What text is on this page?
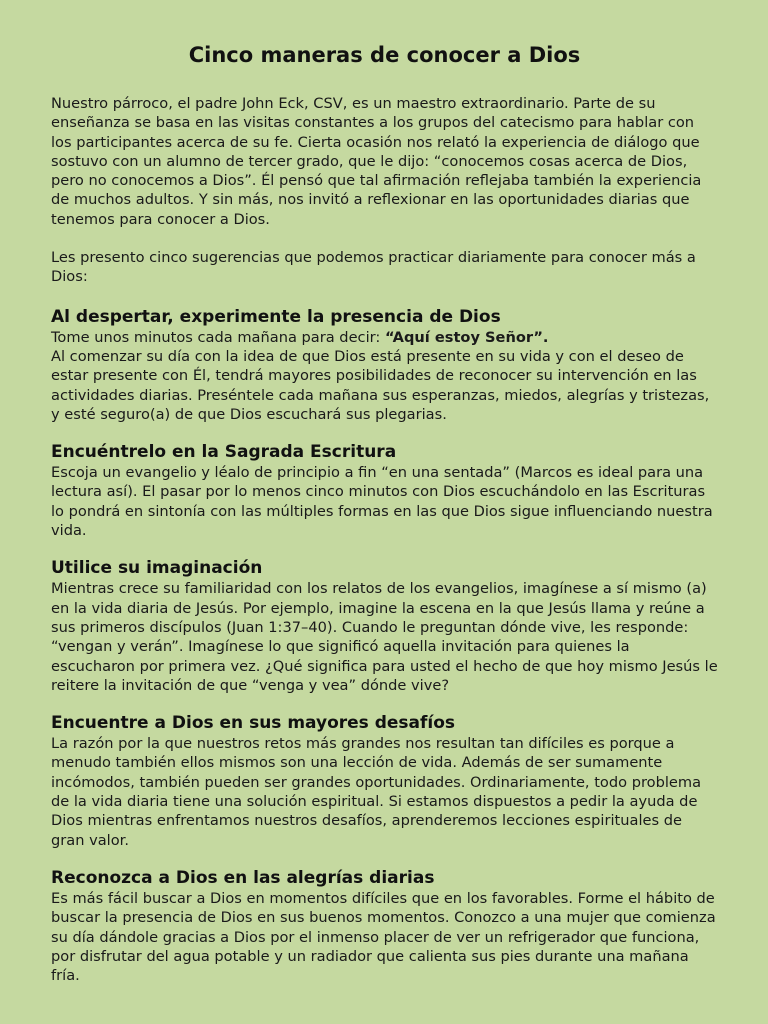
Cinco maneras de conocer a Dios

Nuestro párroco, el padre John Eck, CSV, es un maestro extraordinario. Parte de su enseñanza se basa en las visitas constantes a los grupos del catecismo para hablar con los participantes acerca de su fe. Cierta ocasión nos relató la experiencia de diálogo que sostuvo con un alumno de tercer grado, que le dijo: “conocemos cosas acerca de Dios, pero no conocemos a Dios”. Él pensó que tal afirmación reflejaba también la experiencia de muchos adultos. Y sin más, nos invitó a reflexionar en las oportunidades diarias que tenemos para conocer a Dios.

Les presento cinco sugerencias que podemos practicar diariamente para conocer más a Dios:

Al despertar, experimente la presencia de Dios

Tome unos minutos cada mañana para decir: “Aquí estoy Señor”.

Al comenzar su día con la idea de que Dios está presente en su vida y con el deseo de estar presente con Él, tendrá mayores posibilidades de reconocer su intervención en las actividades diarias. Preséntele cada mañana sus esperanzas, miedos, alegrías y tristezas, y esté seguro(a) de que Dios escuchará sus plegarias.

Encuéntrelo en la Sagrada Escritura

Escoja un evangelio y léalo de principio a fin “en una sentada” (Marcos es ideal para una lectura así). El pasar por lo menos cinco minutos con Dios escuchándolo en las Escrituras lo pondrá en sintonía con las múltiples formas en las que Dios sigue influenciando nuestra vida.

Utilice su imaginación

Mientras crece su familiaridad con los relatos de los evangelios, imagínese a sí mismo (a) en la vida diaria de Jesús. Por ejemplo, imagine la escena en la que Jesús llama y reúne a sus primeros discípulos (Juan 1:37–40). Cuando le preguntan dónde vive, les responde: “vengan y verán”. Imagínese lo que significó aquella invitación para quienes la escucharon por primera vez. ¿Qué significa para usted el hecho de que hoy mismo Jesús le reitere la invitación de que “venga y vea” dónde vive?

Encuentre a Dios en sus mayores desafíos

La razón por la que nuestros retos más grandes nos resultan tan difíciles es porque a menudo también ellos mismos son una lección de vida. Además de ser sumamente incómodos, también pueden ser grandes oportunidades. Ordinariamente, todo problema de la vida diaria tiene una solución espiritual. Si estamos dispuestos a pedir la ayuda de Dios mientras enfrentamos nuestros desafíos, aprenderemos lecciones espirituales de gran valor.

Reconozca a Dios en las alegrías diarias

Es más fácil buscar a Dios en momentos difíciles que en los favorables. Forme el hábito de buscar la presencia de Dios en sus buenos momentos. Conozco a una mujer que comienza su día dándole gracias a Dios por el inmenso placer de ver un refrigerador que funciona, por disfrutar del agua potable y un radiador que calienta sus pies durante una mañana fría.
